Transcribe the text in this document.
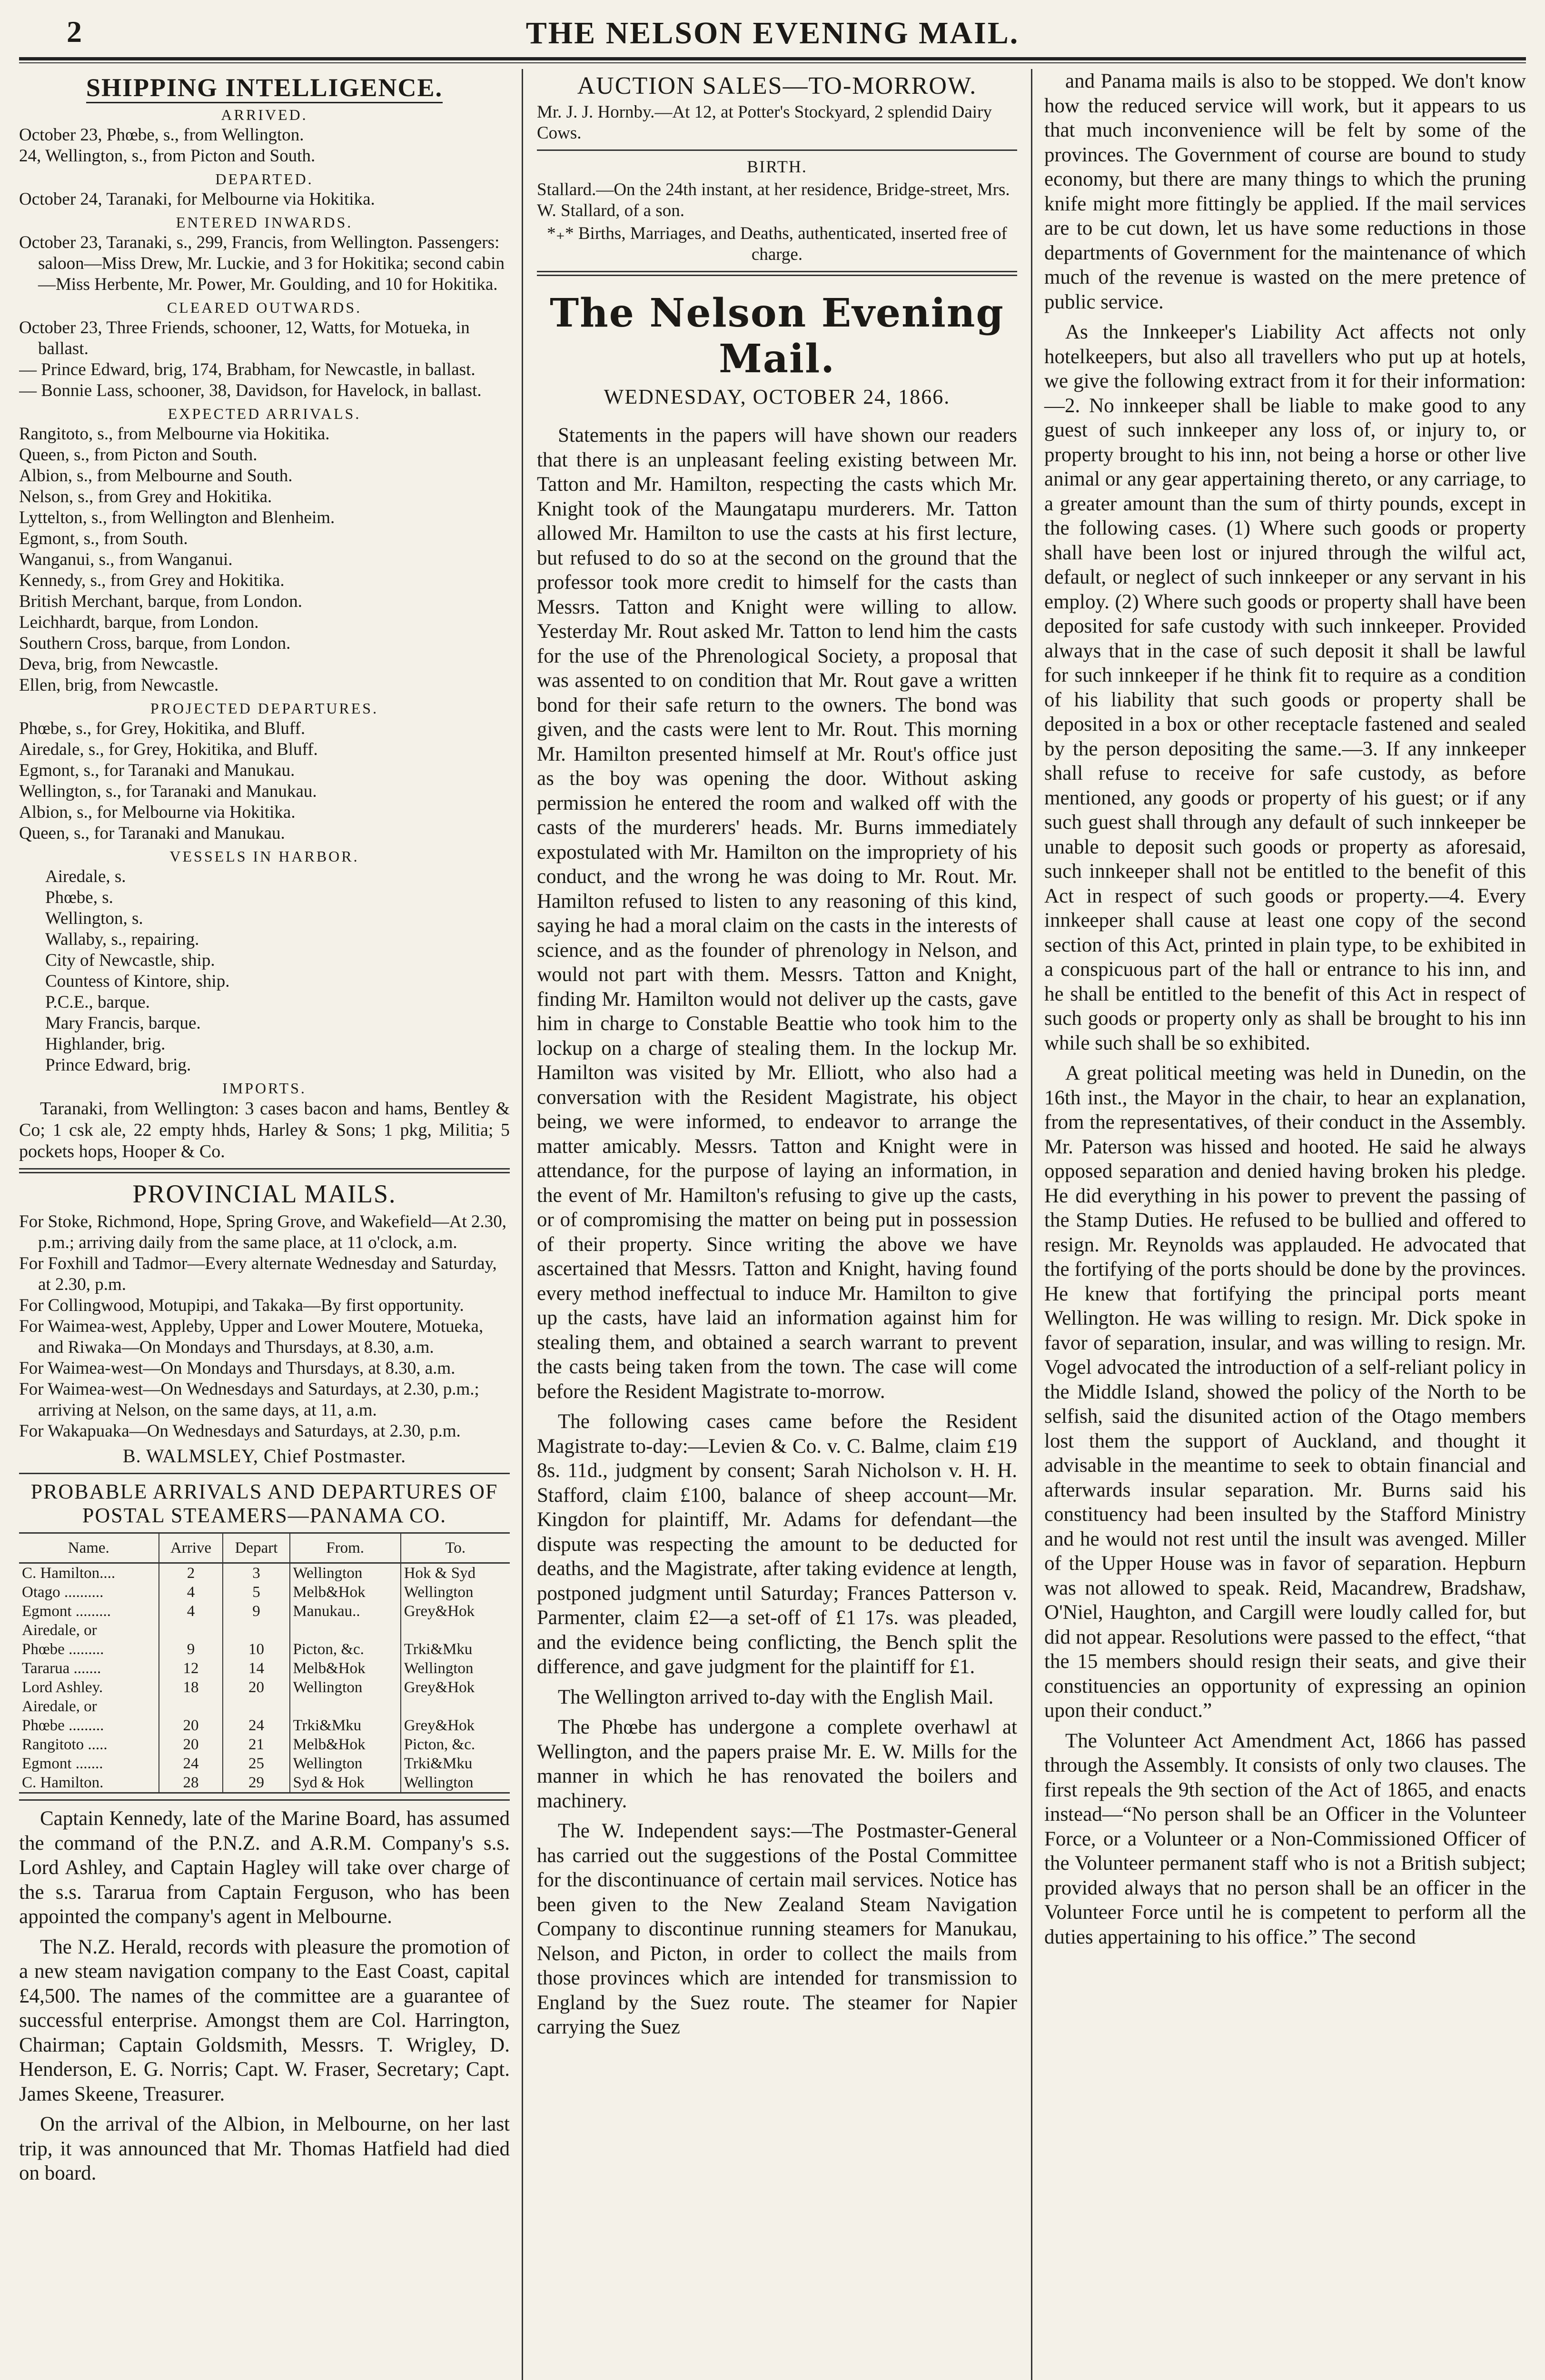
2	THE NELSON EVENING MAIL.
SHIPPING INTELLIGENCE.
ARRIVED.

October 23, Phœbe, s., from Wellington.

24, Wellington, s., from Picton and South.

DEPARTED.

October 24, Taranaki, for Melbourne via Hokitika.

ENTERED INWARDS.

October 23, Taranaki, s., 299, Francis, from Wellington. Passengers: saloon—Miss Drew, Mr. Luckie, and 3 for Hokitika; second cabin—Miss Herbente, Mr. Power, Mr. Goulding, and 10 for Hokitika.

CLEARED OUTWARDS.

October 23, Three Friends, schooner, 12, Watts, for Motueka, in ballast.

— Prince Edward, brig, 174, Brabham, for Newcastle, in ballast.

— Bonnie Lass, schooner, 38, Davidson, for Havelock, in ballast.

EXPECTED ARRIVALS.

Rangitoto, s., from Melbourne via Hokitika.

Queen, s., from Picton and South.

Albion, s., from Melbourne and South.

Nelson, s., from Grey and Hokitika.

Lyttelton, s., from Wellington and Blenheim.

Egmont, s., from South.

Wanganui, s., from Wanganui.

Kennedy, s., from Grey and Hokitika.

British Merchant, barque, from London.

Leichhardt, barque, from London.

Southern Cross, barque, from London.

Deva, brig, from Newcastle.

Ellen, brig, from Newcastle.

PROJECTED DEPARTURES.

Phœbe, s., for Grey, Hokitika, and Bluff.

Airedale, s., for Grey, Hokitika, and Bluff.

Egmont, s., for Taranaki and Manukau.

Wellington, s., for Taranaki and Manukau.

Albion, s., for Melbourne via Hokitika.

Queen, s., for Taranaki and Manukau.

VESSELS IN HARBOR.

Airedale, s.

Phœbe, s.

Wellington, s.

Wallaby, s., repairing.

City of Newcastle, ship.

Countess of Kintore, ship.

P.C.E., barque.

Mary Francis, barque.

Highlander, brig.

Prince Edward, brig.

IMPORTS.

Taranaki, from Wellington: 3 cases bacon and hams, Bentley & Co; 1 csk ale, 22 empty hhds, Harley & Sons; 1 pkg, Militia; 5 pockets hops, Hooper & Co.

PROVINCIAL MAILS.

For Stoke, Richmond, Hope, Spring Grove, and Wakefield—At 2.30, p.m.; arriving daily from the same place, at 11 o'clock, a.m.

For Foxhill and Tadmor—Every alternate Wednesday and Saturday, at 2.30, p.m.

For Collingwood, Motupipi, and Takaka—By first opportunity.

For Waimea-west, Appleby, Upper and Lower Moutere, Motueka, and Riwaka—On Mondays and Thursdays, at 8.30, a.m.

For Waimea-west—On Mondays and Thursdays, at 8.30, a.m.

For Waimea-west—On Wednesdays and Saturdays, at 2.30, p.m.; arriving at Nelson, on the same days, at 11, a.m.

For Wakapuaka—On Wednesdays and Saturdays, at 2.30, p.m.

B. WALMSLEY, Chief Postmaster.
PROBABLE ARRIVALS AND DEPARTURES OF POSTAL STEAMERS—PANAMA CO.
Name.	Arrive	Depart	From.	To.
C. Hamilton....	2	3	Wellington	Hok & Syd
Otago ..........	4	5	Melb&Hok	Wellington
Egmont .........	4	9	Manukau..	Grey&Hok
Airedale, or				
Phœbe .........	9	10	Picton, &c.	Trki&Mku
Tararua .......	12	14	Melb&Hok	Wellington
Lord Ashley.	18	20	Wellington	Grey&Hok
Airedale, or				
Phœbe .........	20	24	Trki&Mku	Grey&Hok
Rangitoto .....	20	21	Melb&Hok	Picton, &c.
Egmont .......	24	25	Wellington	Trki&Mku
C. Hamilton.	28	29	Syd & Hok	Wellington

Captain Kennedy, late of the Marine Board, has assumed the command of the P.N.Z. and A.R.M. Company's s.s. Lord Ashley, and Captain Hagley will take over charge of the s.s. Tararua from Captain Ferguson, who has been appointed the company's agent in Melbourne.

The N.Z. Herald, records with pleasure the promotion of a new steam navigation company to the East Coast, capital £4,500. The names of the committee are a guarantee of successful enterprise. Amongst them are Col. Harrington, Chairman; Captain Goldsmith, Messrs. T. Wrigley, D. Henderson, E. G. Norris; Capt. W. Fraser, Secretary; Capt. James Skeene, Treasurer.

On the arrival of the Albion, in Melbourne, on her last trip, it was announced that Mr. Thomas Hatfield had died on board.

AUCTION SALES—TO-MORROW.

Mr. J. J. Hornby.—At 12, at Potter's Stockyard, 2 splendid Dairy Cows.

BIRTH.

Stallard.—On the 24th instant, at her residence, Bridge-street, Mrs. W. Stallard, of a son.

*₊* Births, Marriages, and Deaths, authenticated, inserted free of charge.

The Nelson Evening Mail.
WEDNESDAY, OCTOBER 24, 1866.

Statements in the papers will have shown our readers that there is an unpleasant feeling existing between Mr. Tatton and Mr. Hamilton, respecting the casts which Mr. Knight took of the Maungatapu murderers. Mr. Tatton allowed Mr. Hamilton to use the casts at his first lecture, but refused to do so at the second on the ground that the professor took more credit to himself for the casts than Messrs. Tatton and Knight were willing to allow. Yesterday Mr. Rout asked Mr. Tatton to lend him the casts for the use of the Phrenological Society, a proposal that was assented to on condition that Mr. Rout gave a written bond for their safe return to the owners. The bond was given, and the casts were lent to Mr. Rout. This morning Mr. Hamilton presented himself at Mr. Rout's office just as the boy was opening the door. Without asking permission he entered the room and walked off with the casts of the murderers' heads. Mr. Burns immediately expostulated with Mr. Hamilton on the impropriety of his conduct, and the wrong he was doing to Mr. Rout. Mr. Hamilton refused to listen to any reasoning of this kind, saying he had a moral claim on the casts in the interests of science, and as the founder of phrenology in Nelson, and would not part with them. Messrs. Tatton and Knight, finding Mr. Hamilton would not deliver up the casts, gave him in charge to Constable Beattie who took him to the lockup on a charge of stealing them. In the lockup Mr. Hamilton was visited by Mr. Elliott, who also had a conversation with the Resident Magistrate, his object being, we were informed, to endeavor to arrange the matter amicably. Messrs. Tatton and Knight were in attendance, for the purpose of laying an information, in the event of Mr. Hamilton's refusing to give up the casts, or of compromising the matter on being put in possession of their property. Since writing the above we have ascertained that Messrs. Tatton and Knight, having found every method ineffectual to induce Mr. Hamilton to give up the casts, have laid an information against him for stealing them, and obtained a search warrant to prevent the casts being taken from the town. The case will come before the Resident Magistrate to-morrow.

The following cases came before the Resident Magistrate to-day:—Levien & Co. v. C. Balme, claim £19 8s. 11d., judgment by consent; Sarah Nicholson v. H. H. Stafford, claim £100, balance of sheep account—Mr. Kingdon for plaintiff, Mr. Adams for defendant—the dispute was respecting the amount to be deducted for deaths, and the Magistrate, after taking evidence at length, postponed judgment until Saturday; Frances Patterson v. Parmenter, claim £2—a set-off of £1 17s. was pleaded, and the evidence being conflicting, the Bench split the difference, and gave judgment for the plaintiff for £1.

The Wellington arrived to-day with the English Mail.

The Phœbe has undergone a complete overhawl at Wellington, and the papers praise Mr. E. W. Mills for the manner in which he has renovated the boilers and machinery.

The W. Independent says:—The Postmaster-General has carried out the suggestions of the Postal Committee for the discontinuance of certain mail services. Notice has been given to the New Zealand Steam Navigation Company to discontinue running steamers for Manukau, Nelson, and Picton, in order to collect the mails from those provinces which are intended for transmission to England by the Suez route. The steamer for Napier carrying the Suez

and Panama mails is also to be stopped. We don't know how the reduced service will work, but it appears to us that much inconvenience will be felt by some of the provinces. The Government of course are bound to study economy, but there are many things to which the pruning knife might more fittingly be applied. If the mail services are to be cut down, let us have some reductions in those departments of Government for the maintenance of which much of the revenue is wasted on the mere pretence of public service.

As the Innkeeper's Liability Act affects not only hotelkeepers, but also all travellers who put up at hotels, we give the following extract from it for their information:—2. No innkeeper shall be liable to make good to any guest of such innkeeper any loss of, or injury to, or property brought to his inn, not being a horse or other live animal or any gear appertaining thereto, or any carriage, to a greater amount than the sum of thirty pounds, except in the following cases. (1) Where such goods or property shall have been lost or injured through the wilful act, default, or neglect of such innkeeper or any servant in his employ. (2) Where such goods or property shall have been deposited for safe custody with such innkeeper. Provided always that in the case of such deposit it shall be lawful for such innkeeper if he think fit to require as a condition of his liability that such goods or property shall be deposited in a box or other receptacle fastened and sealed by the person depositing the same.—3. If any innkeeper shall refuse to receive for safe custody, as before mentioned, any goods or property of his guest; or if any such guest shall through any default of such innkeeper be unable to deposit such goods or property as aforesaid, such innkeeper shall not be entitled to the benefit of this Act in respect of such goods or property.—4. Every innkeeper shall cause at least one copy of the second section of this Act, printed in plain type, to be exhibited in a conspicuous part of the hall or entrance to his inn, and he shall be entitled to the benefit of this Act in respect of such goods or property only as shall be brought to his inn while such shall be so exhibited.

A great political meeting was held in Dunedin, on the 16th inst., the Mayor in the chair, to hear an explanation, from the representatives, of their conduct in the Assembly. Mr. Paterson was hissed and hooted. He said he always opposed separation and denied having broken his pledge. He did everything in his power to prevent the passing of the Stamp Duties. He refused to be bullied and offered to resign. Mr. Reynolds was applauded. He advocated that the fortifying of the ports should be done by the provinces. He knew that fortifying the principal ports meant Wellington. He was willing to resign. Mr. Dick spoke in favor of separation, insular, and was willing to resign. Mr. Vogel advocated the introduction of a self-reliant policy in the Middle Island, showed the policy of the North to be selfish, said the disunited action of the Otago members lost them the support of Auckland, and thought it advisable in the meantime to seek to obtain financial and afterwards insular separation. Mr. Burns said his constituency had been insulted by the Stafford Ministry and he would not rest until the insult was avenged. Miller of the Upper House was in favor of separation. Hepburn was not allowed to speak. Reid, Macandrew, Bradshaw, O'Niel, Haughton, and Cargill were loudly called for, but did not appear. Resolutions were passed to the effect, “that the 15 members should resign their seats, and give their constituencies an opportunity of expressing an opinion upon their conduct.”

The Volunteer Act Amendment Act, 1866 has passed through the Assembly. It consists of only two clauses. The first repeals the 9th section of the Act of 1865, and enacts instead—“No person shall be an Officer in the Volunteer Force, or a Volunteer or a Non-Commissioned Officer of the Volunteer permanent staff who is not a British subject; provided always that no person shall be an officer in the Volunteer Force until he is competent to perform all the duties appertaining to his office.” The second
